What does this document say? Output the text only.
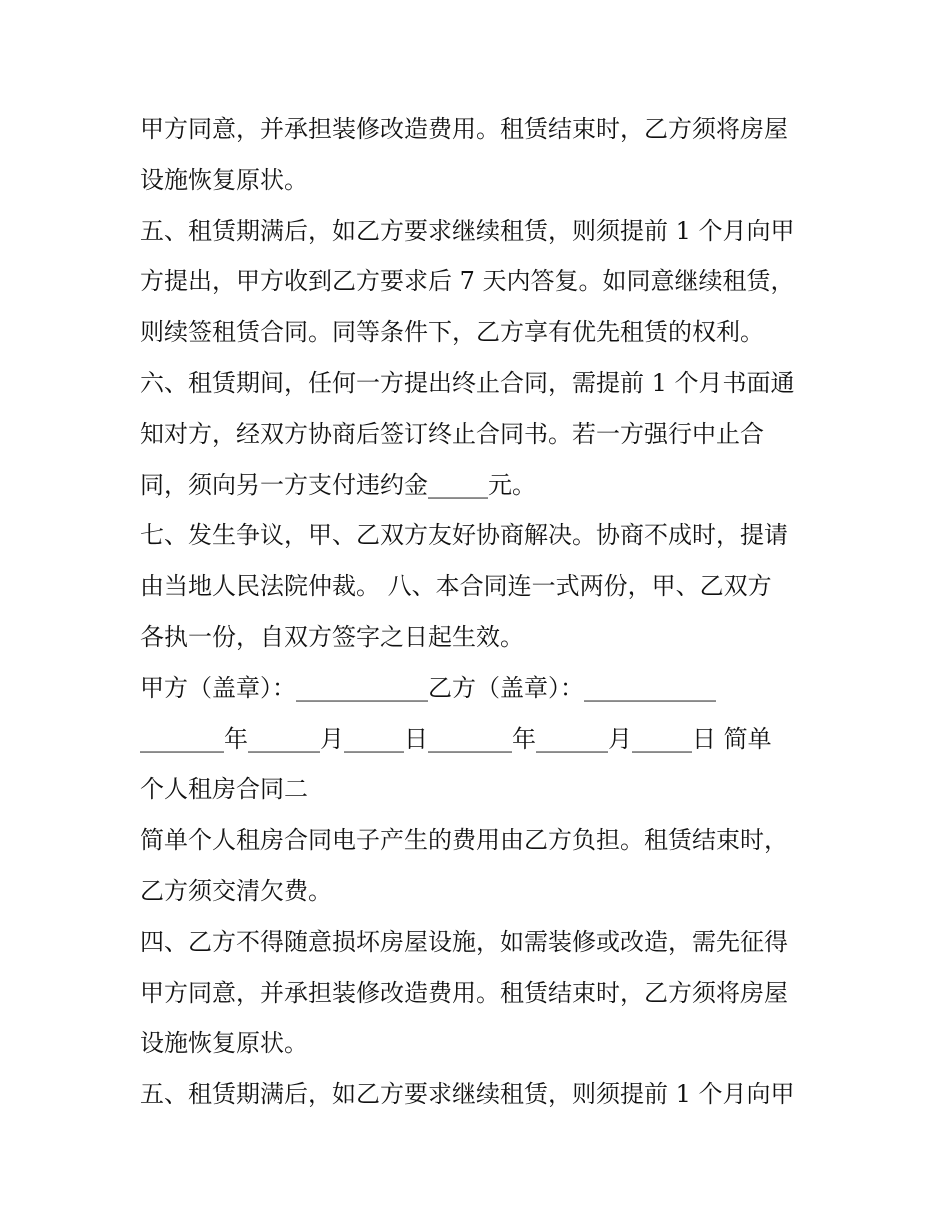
甲方同意，并承担装修改造费用。租赁结束时，乙方须将房屋
设施恢复原状。
五、租赁期满后，如乙方要求继续租赁，则须提前 1 个月向甲
方提出，甲方收到乙方要求后 7 天内答复。如同意继续租赁，
则续签租赁合同。同等条件下，乙方享有优先租赁的权利。
六、租赁期间，任何一方提出终止合同，需提前 1 个月书面通
知对方，经双方协商后签订终止合同书。若一方强行中止合
同，须向另一方支付违约金_____元。
七、发生争议，甲、乙双方友好协商解决。协商不成时，提请
由当地人民法院仲裁。 八、本合同连一式两份，甲、乙双方
各执一份，自双方签字之日起生效。
甲方（盖章）：___________乙方（盖章）：___________
_______年______月_____日_______年______月_____日 简单
个人租房合同二
简单个人租房合同电子产生的费用由乙方负担。租赁结束时，
乙方须交清欠费。
四、乙方不得随意损坏房屋设施，如需装修或改造，需先征得
甲方同意，并承担装修改造费用。租赁结束时，乙方须将房屋
设施恢复原状。
五、租赁期满后，如乙方要求继续租赁，则须提前 1 个月向甲
